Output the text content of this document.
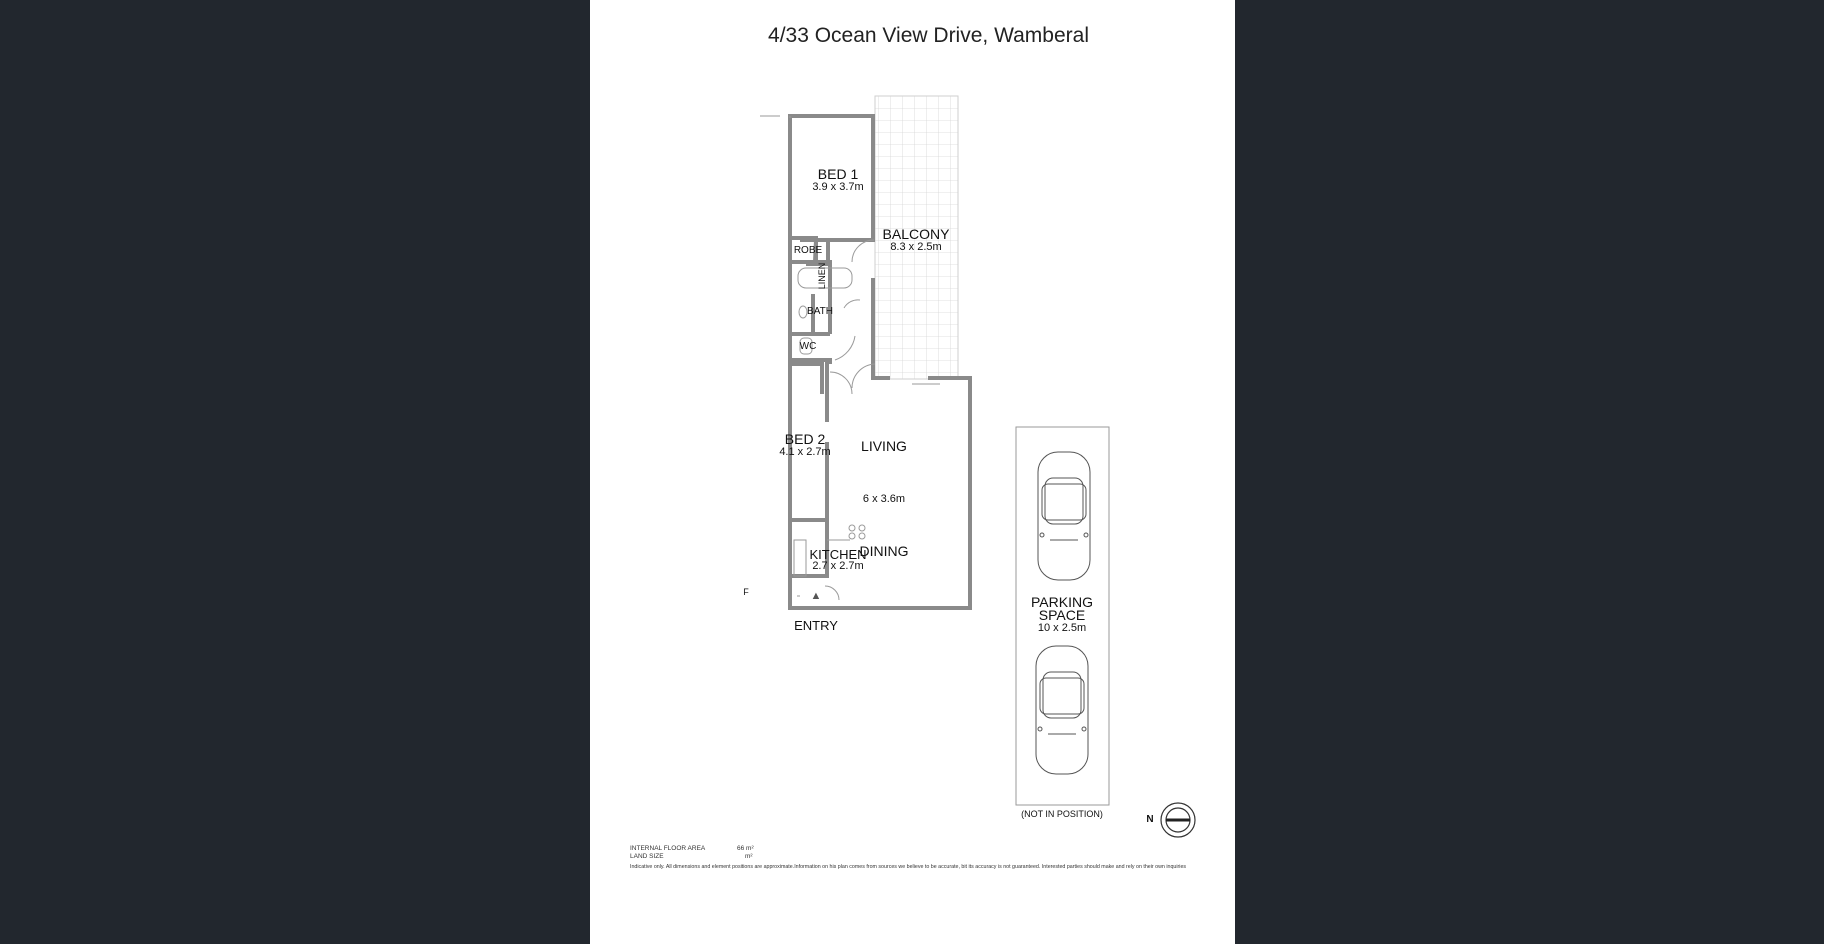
4/33 Ocean View Drive, Wamberal
BED 1
3.9 x 3.7m
ROBE
BALCONY
8.3 x 2.5m
BATH
LINEN
WC
BED 2
4.1 x 2.7m	LIVING
6 x 3.6m
DINING
KITCHEN
2.7 x 2.7m
F	▲
ENTRY
PARKING
SPACE
10 x 2.5m
(NOT IN POSITION)	N
INTERNAL FLOOR AREA	66 m²
LAND SIZE	m²
Indicative only. All dimensions and element positions are approximate.Information on his plan comes from sources we believe to be accurate, bit its accuracy is not guaranteed. Interested parties should make and rely on their own inquiries
